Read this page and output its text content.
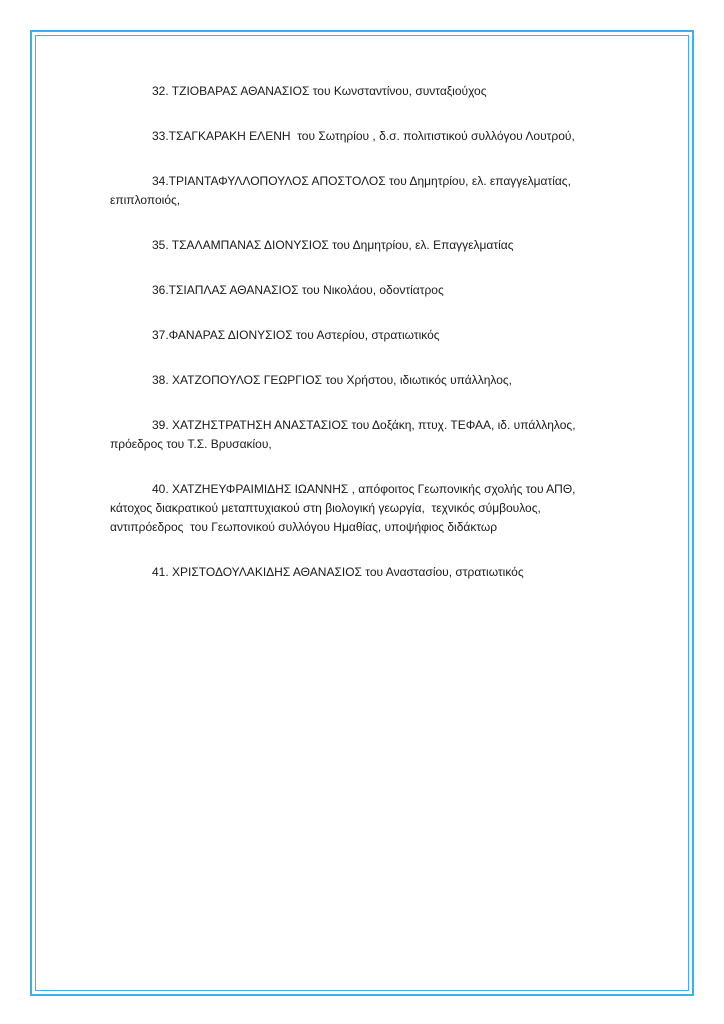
32. ΤΖΙΟΒΑΡΑΣ ΑΘΑΝΑΣΙΟΣ του Κωνσταντίνου, συνταξιούχος
33.ΤΣΑΓΚΑΡΑΚΗ ΕΛΕΝΗ  του Σωτηρίου , δ.σ. πολιτιστικού συλλόγου Λουτρού,
34.ΤΡΙΑΝΤΑΦΥΛΛΟΠΟΥΛΟΣ ΑΠΟΣΤΟΛΟΣ του Δημητρίου, ελ. επαγγελματίας, επιπλοποιός,
35. ΤΣΑΛΑΜΠΑΝΑΣ ΔΙΟΝΥΣΙΟΣ του Δημητρίου, ελ. Επαγγελματίας
36.ΤΣΙΑΠΛΑΣ ΑΘΑΝΑΣΙΟΣ του Νικολάου, οδοντίατρος
37.ΦΑΝΑΡΑΣ ΔΙΟΝΥΣΙΟΣ του Αστερίου, στρατιωτικός
38. ΧΑΤΖΟΠΟΥΛΟΣ ΓΕΩΡΓΙΟΣ του Χρήστου, ιδιωτικός υπάλληλος,
39. ΧΑΤΖΗΣΤΡΑΤΗΣΗ ΑΝΑΣΤΑΣΙΟΣ του Δοξάκη, πτυχ. ΤΕΦΑΑ, ιδ. υπάλληλος, πρόεδρος του Τ.Σ. Βρυσακίου,
40. ΧΑΤΖΗΕΥΦΡΑΙΜΙΔΗΣ ΙΩΑΝΝΗΣ , απόφοιτος Γεωπονικής σχολής του ΑΠΘ, κάτοχος διακρατικού μεταπτυχιακού στη βιολογική γεωργία,  τεχνικός σύμβουλος, αντιπρόεδρος  του Γεωπονικού συλλόγου Ημαθίας, υποψήφιος διδάκτωρ
41. ΧΡΙΣΤΟΔΟΥΛΑΚΙΔΗΣ ΑΘΑΝΑΣΙΟΣ του Αναστασίου, στρατιωτικός
